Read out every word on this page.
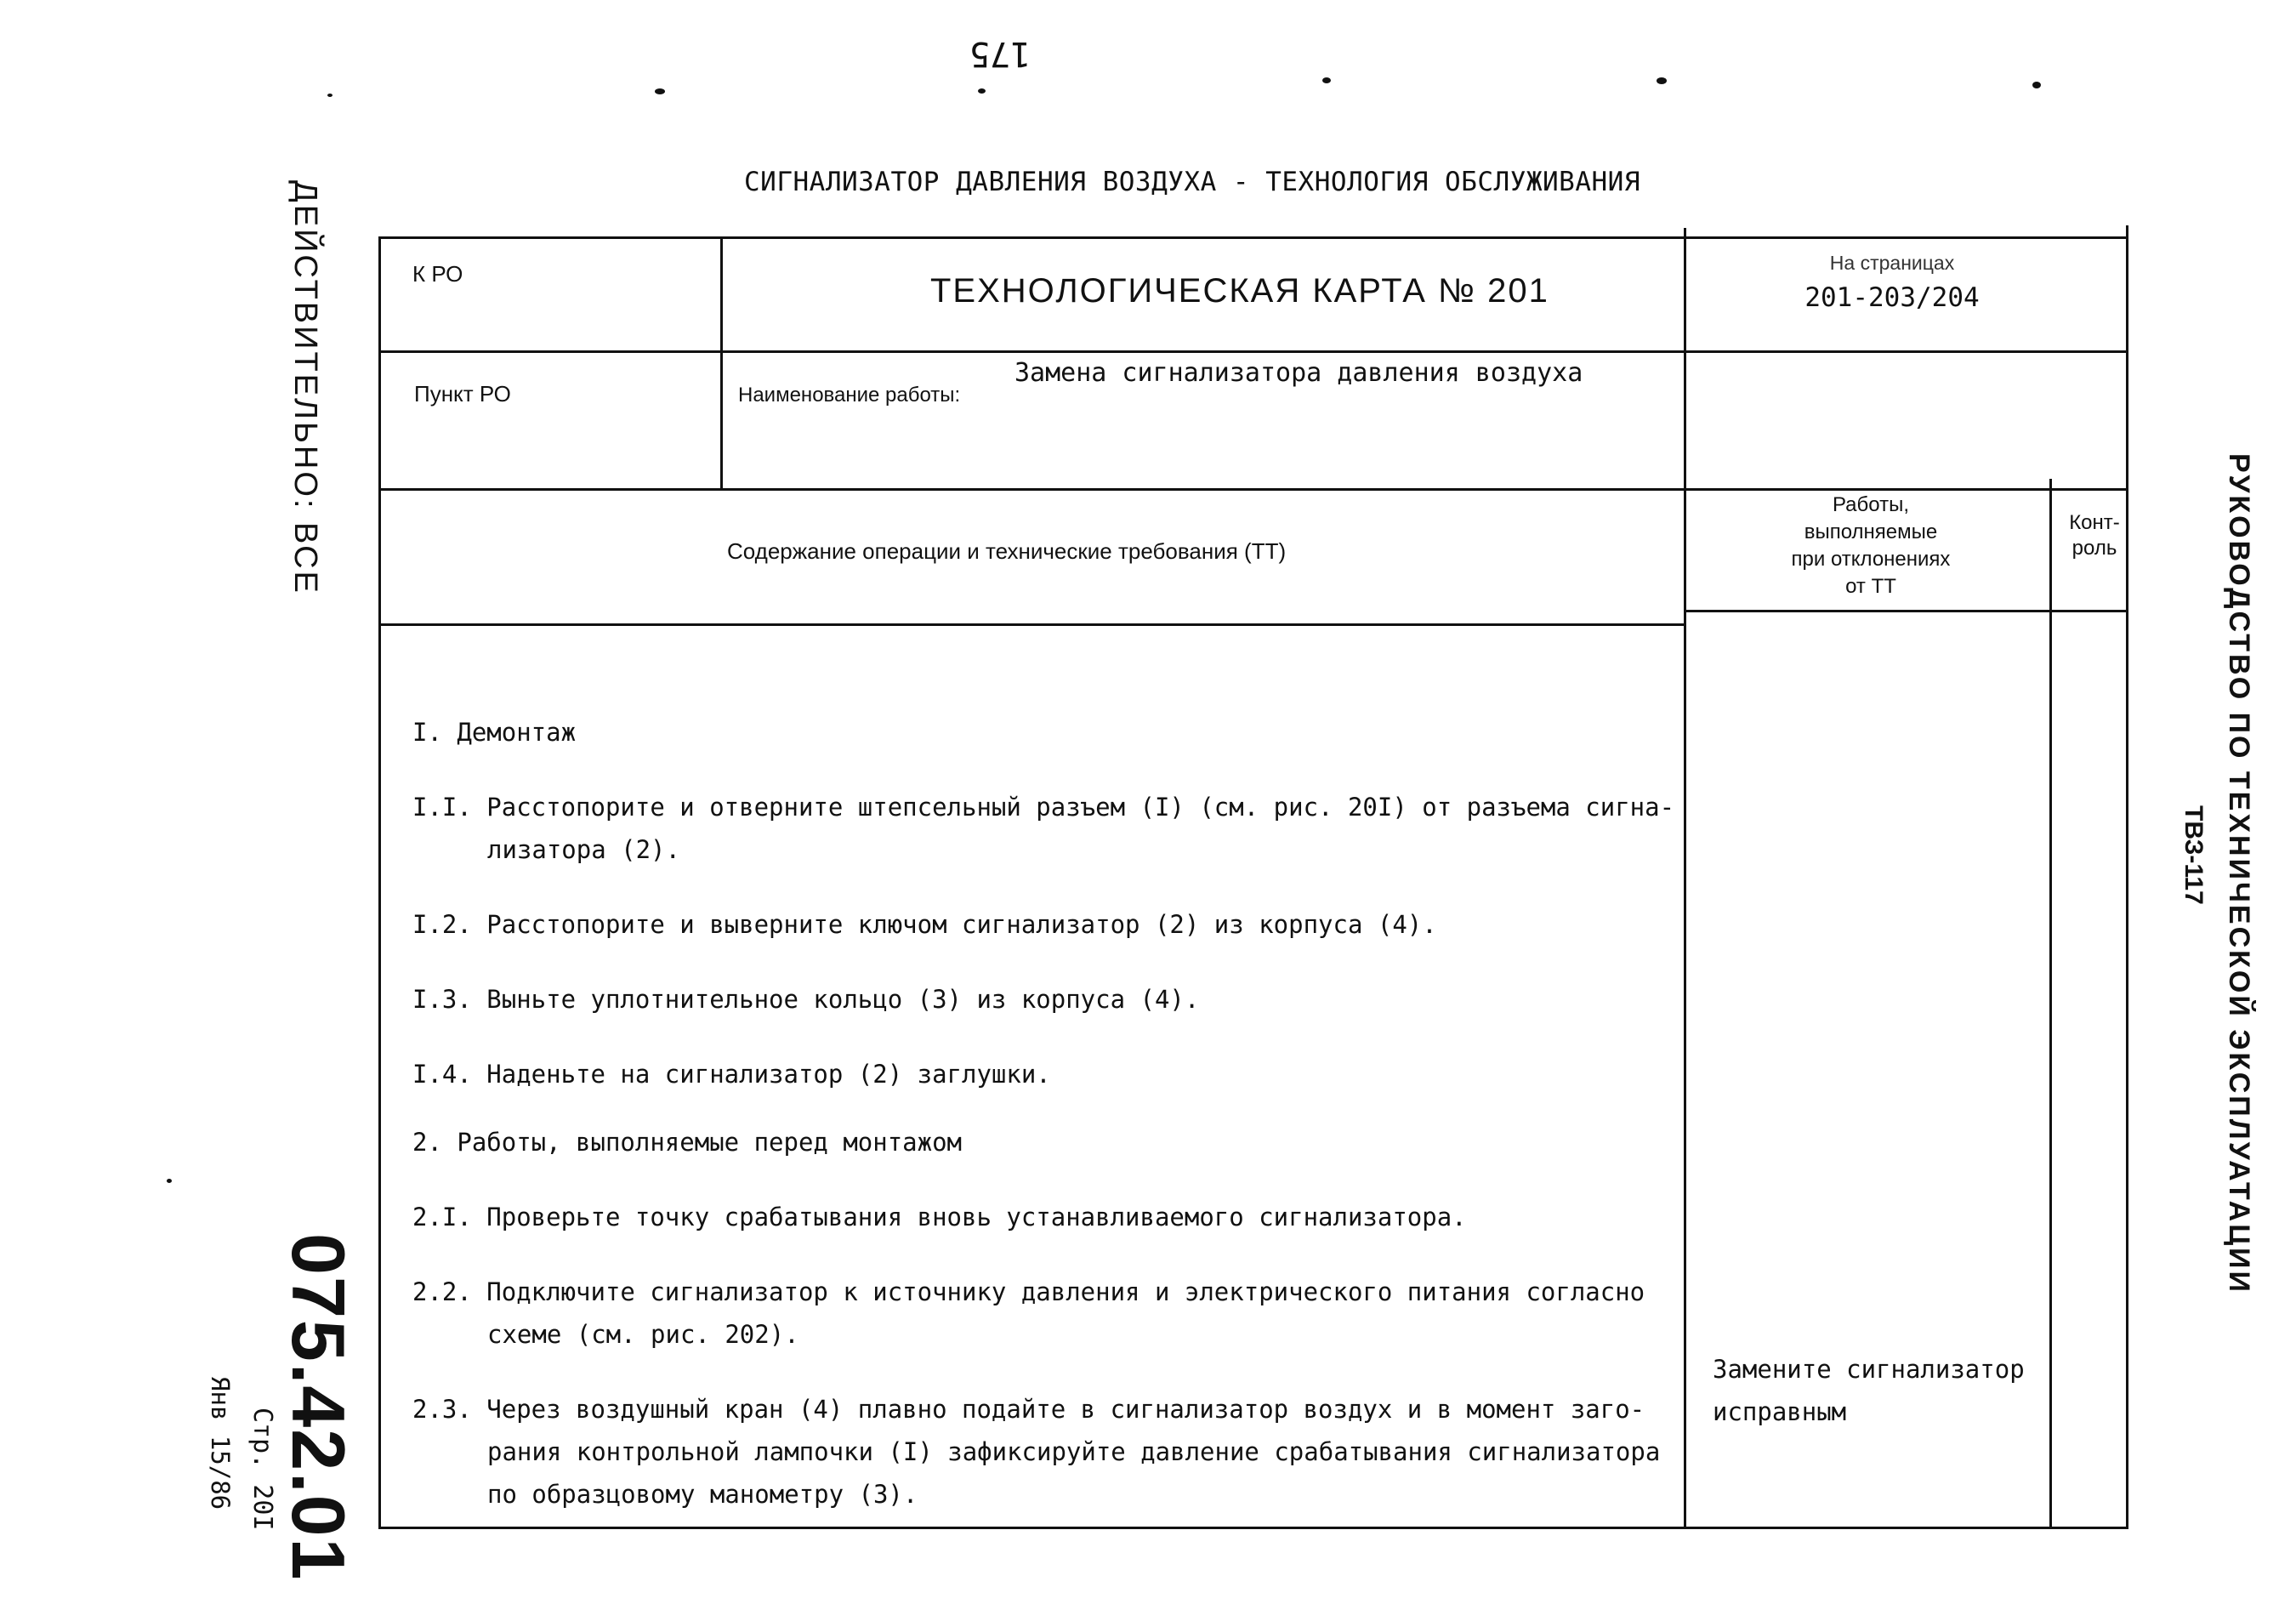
175
СИГНАЛИЗАТОР ДАВЛЕНИЯ ВОЗДУХА - ТЕХНОЛОГИЯ ОБСЛУЖИВАНИЯ
К РО	ТЕХНОЛОГИЧЕСКАЯ КАРТА № 201
На страницах
201-203/204
Пункт РО	Наименование работы:
Замена сигнализатора давления воздуха
Содержание операции и технические требования (ТТ)
Работы,
выполняемые
при отклонениях
от ТТ
Конт-
роль
I. Демонтаж
I.I. Расстопорите и отверните штепсельный разъем (I) (см. рис. 20I) от разъема сигна-
лизатора (2).
I.2. Расстопорите и выверните ключом сигнализатор (2) из корпуса (4).
I.3. Выньте уплотнительное кольцо (3) из корпуса (4).
I.4. Наденьте на сигнализатор (2) заглушки.
2. Работы, выполняемые перед монтажом
2.I. Проверьте точку срабатывания вновь устанавливаемого сигнализатора.
2.2. Подключите сигнализатор к источнику давления и электрического питания согласно
схеме (см. рис. 202).
2.3. Через воздушный кран (4) плавно подайте в сигнализатор воздух и в момент заго-
рания контрольной лампочки (I) зафиксируйте давление срабатывания сигнализатора
по образцовому манометру (3).
Замените сигнализатор
исправным
ДЕЙСТВИТЕЛЬНО: ВСЕ
075.42.01
Стр. 20I
Янв 15/86
РУКОВОДСТВО ПО ТЕХНИЧЕСКОЙ ЭКСПЛУАТАЦИИ
ТВЗ-117
